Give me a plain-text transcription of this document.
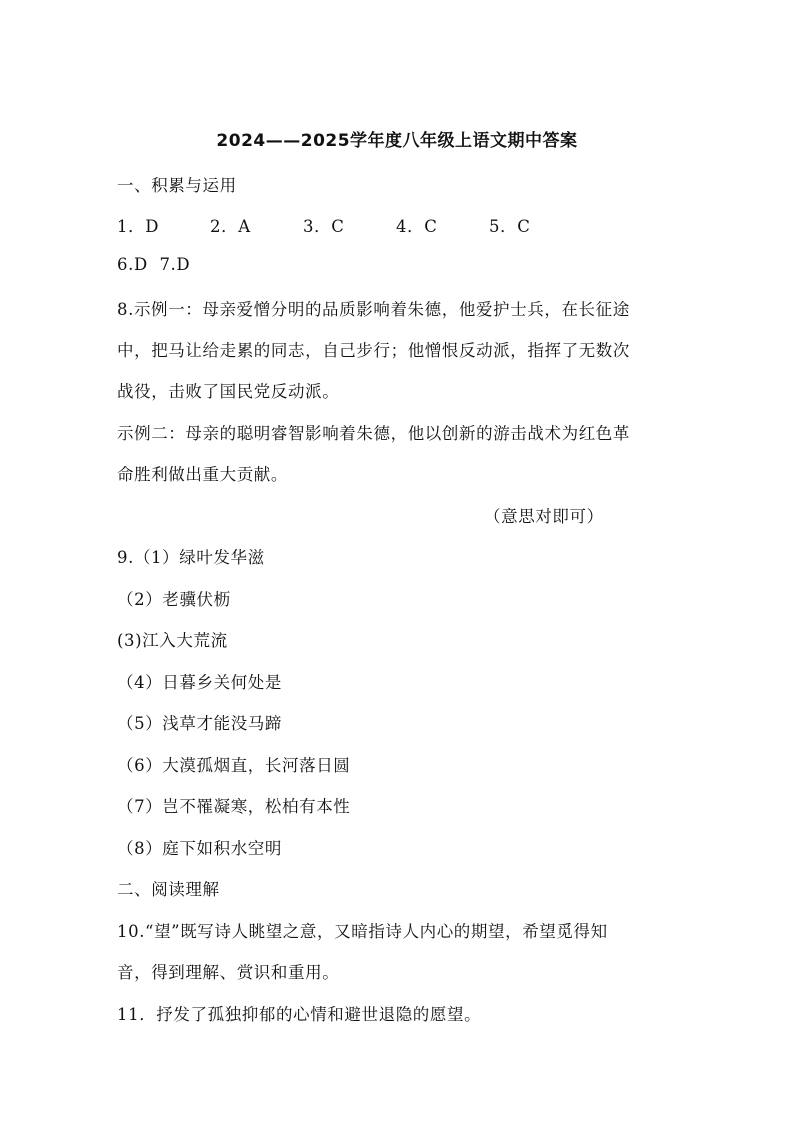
2024——2025学年度八年级上语文期中答案
一、积累与运用
1．D	2．A	3．C	4．C	5．C
6.D  7.D
8.示例一：母亲爱憎分明的品质影响着朱德，他爱护士兵，在长征途
中，把马让给走累的同志，自己步行；他憎恨反动派，指挥了无数次
战役，击败了国民党反动派。
示例二：母亲的聪明睿智影响着朱德，他以创新的游击战术为红色革
命胜利做出重大贡献。
（意思对即可）
9.（1）绿叶发华滋
（2）老骥伏枥
(3)江入大荒流
（4）日暮乡关何处是
（5）浅草才能没马蹄
（6）大漠孤烟直，长河落日圆
（7）岂不罹凝寒，松柏有本性
（8）庭下如积水空明
二、阅读理解
10.“望”既写诗人眺望之意，又暗指诗人内心的期望，希望觅得知
音，得到理解、赏识和重用。
11．抒发了孤独抑郁的心情和避世退隐的愿望。
